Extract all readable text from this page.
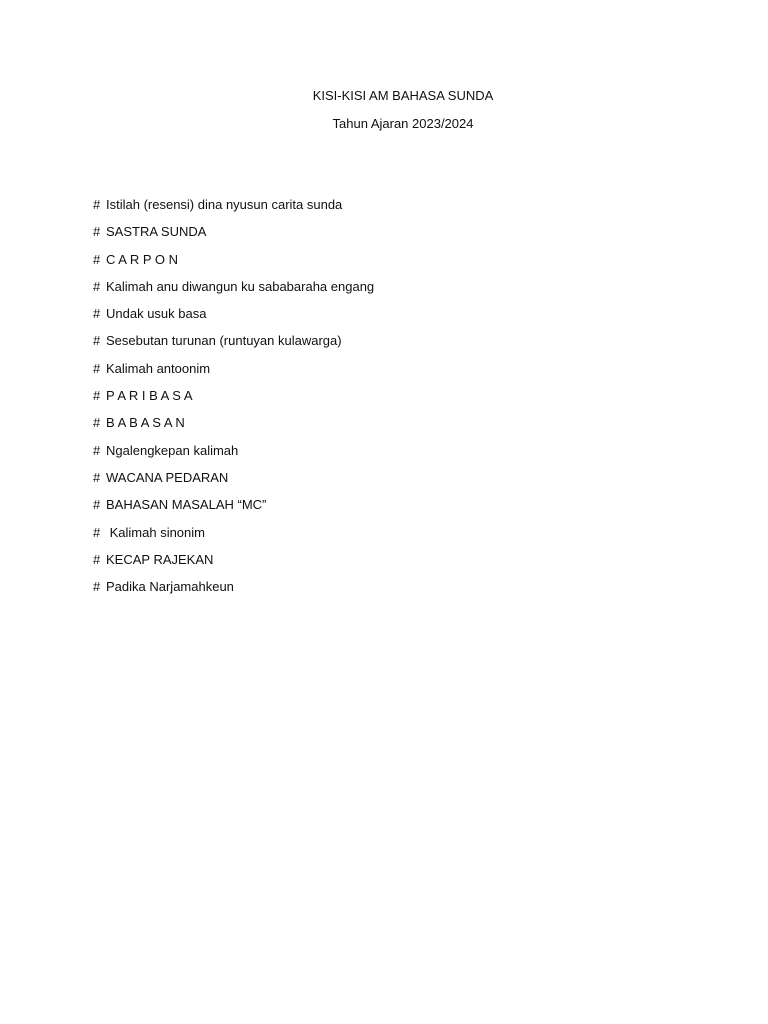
KISI-KISI AM BAHASA SUNDA
Tahun Ajaran 2023/2024
# Istilah (resensi) dina nyusun carita sunda
# SASTRA SUNDA
# C A R P O N
# Kalimah anu diwangun ku sababaraha engang
# Undak usuk basa
# Sesebutan turunan (runtuyan kulawarga)
# Kalimah antoonim
# P A R I B A S A
# B A B A S A N
# Ngalengkepan kalimah
# WACANA PEDARAN
# BAHASAN MASALAH “MC”
# Kalimah sinonim
# KECAP RAJEKAN
# Padika Narjamahkeun
